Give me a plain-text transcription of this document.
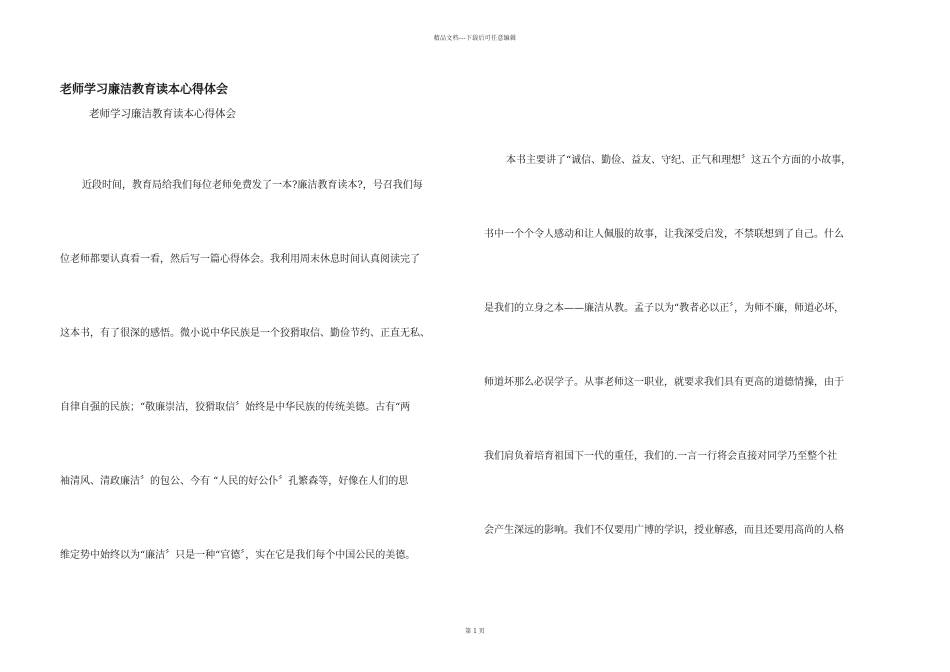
精品文档---下载后可任意编辑
老师学习廉洁教育读本心得体会

老师学习廉洁教育读本心得体会

近段时间，教育局给我们每位老师免费发了一本?廉洁教育读本?，号召我们每

位老师都要认真看一看，然后写一篇心得体会。我利用周末休息时间认真阅读完了

这本书，有了很深的感悟。微小说中华民族是一个狡猾取信、勤俭节约、正直无私、

自律自强的民族；“敬廉崇洁，狡猾取信〞始终是中华民族的传统美德。古有“两

袖清风、清政廉洁〞的包公、今有 “人民的好公仆〞孔繁森等，好像在人们的思

维定势中始终以为“廉洁〞只是一种“官德〞，实在它是我们每个中国公民的美德。

本书主要讲了“诚信、勤俭、益友、守纪、正气和理想〞这五个方面的小故事，

书中一个个令人感动和让人佩服的故事，让我深受启发，不禁联想到了自己。什么

是我们的立身之本——廉洁从教。孟子以为“教者必以正〞，为师不廉，师道必坏，

师道坏那么必误学子。从事老师这一职业，就要求我们具有更高的道德情操，由于

我们肩负着培育祖国下一代的重任，我们的.一言一行将会直接对同学乃至整个社

会产生深远的影响。我们不仅要用广博的学识，授业解惑，而且还要用高尚的人格

第 1 页
